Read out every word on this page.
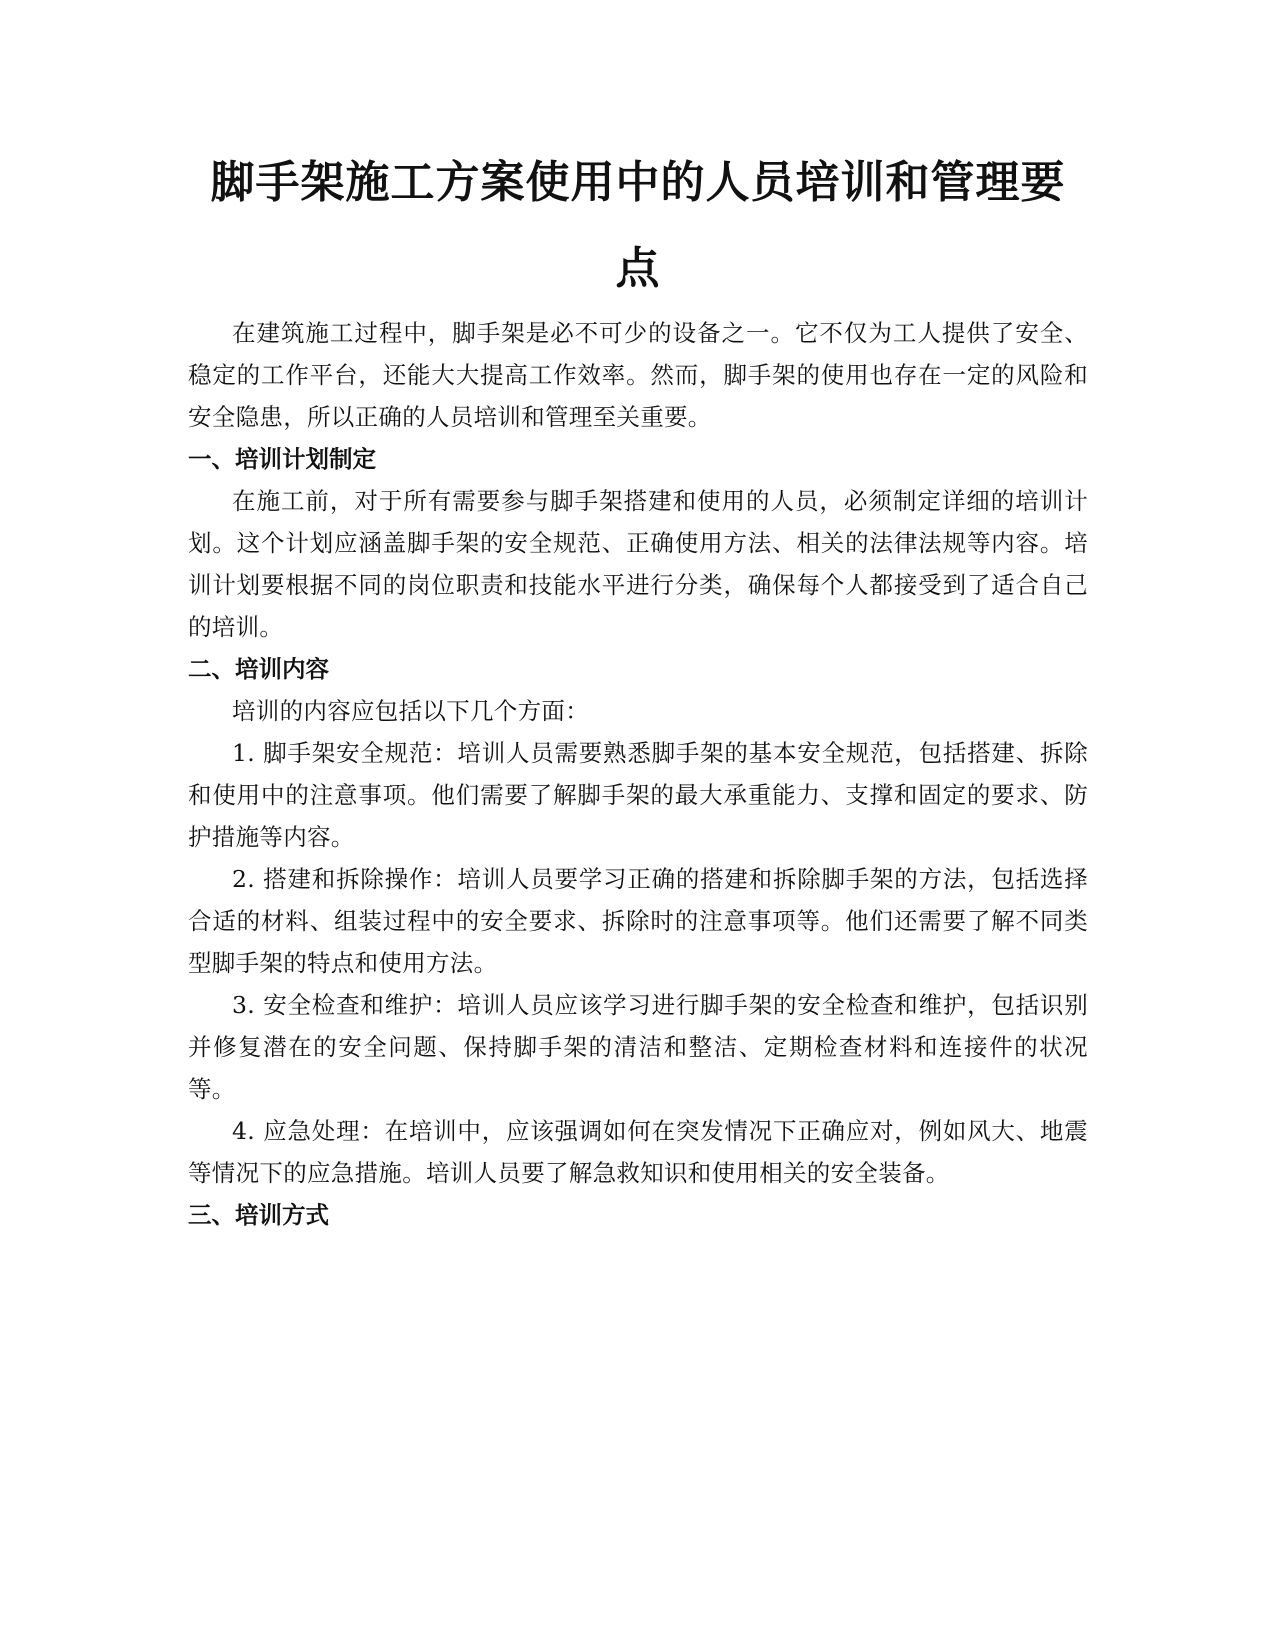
脚手架施工方案使用中的人员培训和管理要
点

在建筑施工过程中，脚手架是必不可少的设备之一。它不仅为工人提供了安全、稳定的工作平台，还能大大提高工作效率。然而，脚手架的使用也存在一定的风险和安全隐患，所以正确的人员培训和管理至关重要。

一、培训计划制定

在施工前，对于所有需要参与脚手架搭建和使用的人员，必须制定详细的培训计划。这个计划应涵盖脚手架的安全规范、正确使用方法、相关的法律法规等内容。培训计划要根据不同的岗位职责和技能水平进行分类，确保每个人都接受到了适合自己的培训。

二、培训内容

培训的内容应包括以下几个方面：

1. 脚手架安全规范：培训人员需要熟悉脚手架的基本安全规范，包括搭建、拆除和使用中的注意事项。他们需要了解脚手架的最大承重能力、支撑和固定的要求、防护措施等内容。

2. 搭建和拆除操作：培训人员要学习正确的搭建和拆除脚手架的方法，包括选择合适的材料、组装过程中的安全要求、拆除时的注意事项等。他们还需要了解不同类型脚手架的特点和使用方法。

3. 安全检查和维护：培训人员应该学习进行脚手架的安全检查和维护，包括识别并修复潜在的安全问题、保持脚手架的清洁和整洁、定期检查材料和连接件的状况等。

4. 应急处理：在培训中，应该强调如何在突发情况下正确应对，例如风大、地震等情况下的应急措施。培训人员要了解急救知识和使用相关的安全装备。

三、培训方式
